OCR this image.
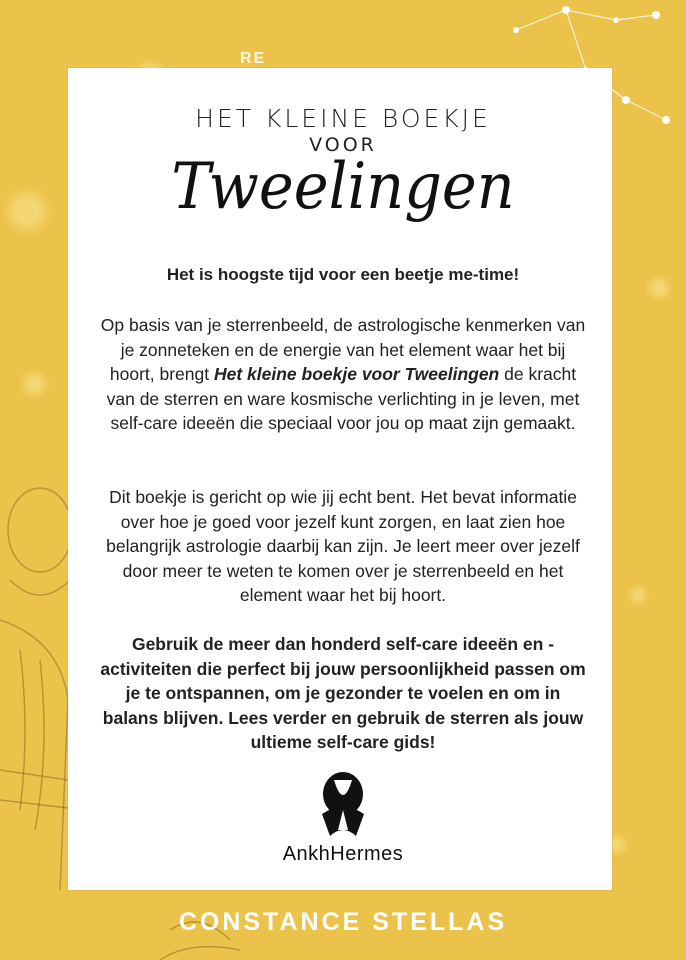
RE
HET KLEINE BOEKJE
VOOR
Tweelingen
Het is hoogste tijd voor een beetje me-time!
Op basis van je sterrenbeeld, de astrologische kenmerken van je zonneteken en de energie van het element waar het bij hoort, brengt Het kleine boekje voor Tweelingen de kracht van de sterren en ware kosmische verlichting in je leven, met self-care ideeën die speciaal voor jou op maat zijn gemaakt.
Dit boekje is gericht op wie jij echt bent. Het bevat informatie over hoe je goed voor jezelf kunt zorgen, en laat zien hoe belangrijk astrologie daarbij kan zijn. Je leert meer over jezelf door meer te weten te komen over je sterrenbeeld en het element waar het bij hoort.
Gebruik de meer dan honderd self-care ideeën en -activiteiten die perfect bij jouw persoonlijkheid passen om je te ontspannen, om je gezonder te voelen en om in balans blijven. Lees verder en gebruik de sterren als jouw ultieme self-care gids!
AnkhHermes
CONSTANCE STELLAS
